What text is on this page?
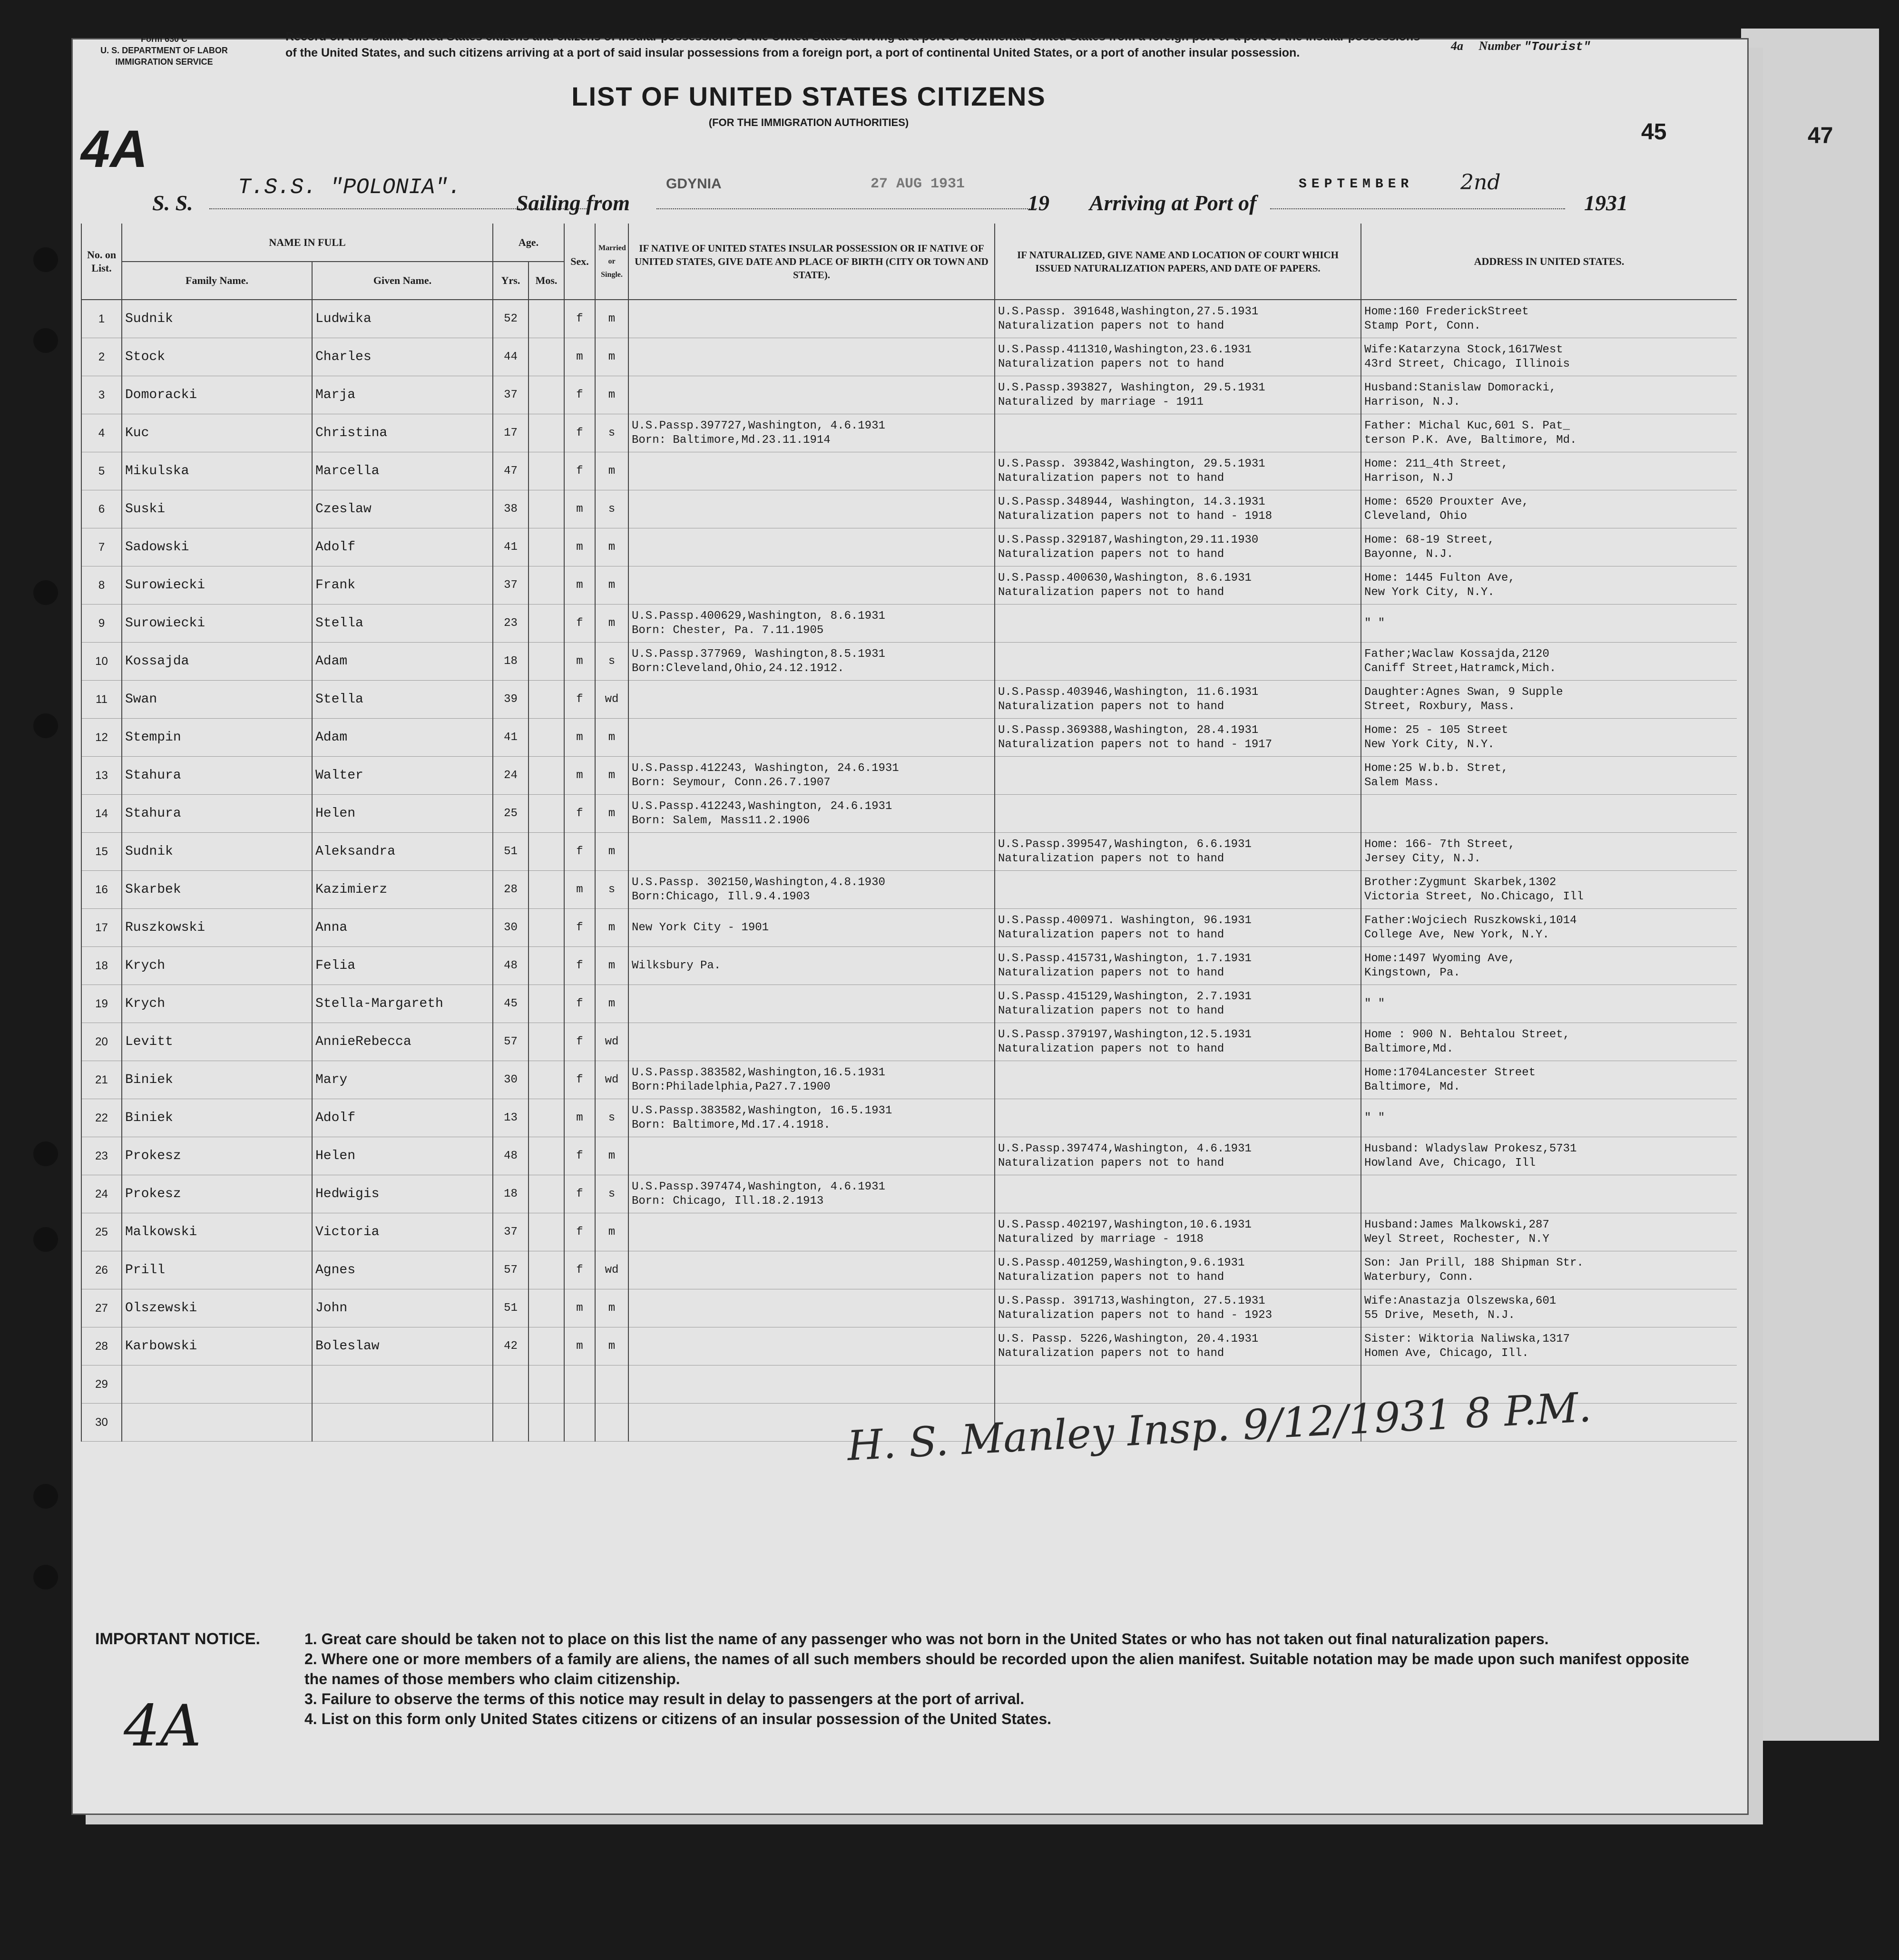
Form 630 C
U. S. DEPARTMENT OF LABOR
IMMIGRATION SERVICE
Record on this blank United States citizens and citizens of insular possessions of the United States arriving at a port of continental United States from a foreign port or a port of the insular possessions of the United States, and such citizens arriving at a port of said insular possessions from a foreign port, a port of continental United States, or a port of another insular possession.	4a Number "Tourist"
4A	45	47
LIST OF UNITED STATES CITIZENS
(FOR THE IMMIGRATION AUTHORITIES)
S. S.
T.S.S. "POLONIA".
Sailing from
GDYNIA	27 AUG 1931
19 Arriving at Port of
SEPTEMBER 2nd
1931
No. on List.	NAME IN FULL		Age.		Sex.	Married or Single.	IF NATIVE OF UNITED STATES INSULAR POSSESSION OR IF NATIVE OF UNITED STATES, GIVE DATE AND PLACE OF BIRTH (CITY OR TOWN AND STATE).	IF NATURALIZED, GIVE NAME AND LOCATION OF COURT WHICH ISSUED NATURALIZATION PAPERS, AND DATE OF PAPERS.	ADDRESS IN UNITED STATES.
	Family Name.	Given Name.	Yrs.	Mos.					
1	Sudnik	Ludwika	52		f	m		U.S.Passp. 391648,Washington,27.5.1931
Naturalization papers not to hand	Home:160 FrederickStreet
Stamp Port, Conn.

2	Stock	Charles	44		m	m		U.S.Passp.411310,Washington,23.6.1931
Naturalization papers not to hand	Wife:Katarzyna Stock,1617West
43rd Street, Chicago, Illinois

3	Domoracki	Marja	37		f	m		U.S.Passp.393827, Washington, 29.5.1931
Naturalized by marriage - 1911	Husband:Stanislaw Domoracki,
Harrison, N.J.

4	Kuc	Christina	17		f	s	U.S.Passp.397727,Washington, 4.6.1931
Born: Baltimore,Md.23.11.1914		Father: Michal Kuc,601 S. Pat_
terson P.K. Ave, Baltimore, Md.

5	Mikulska	Marcella	47		f	m		U.S.Passp. 393842,Washington, 29.5.1931
Naturalization papers not to hand	Home: 211_4th Street,
Harrison, N.J

6	Suski	Czeslaw	38		m	s		U.S.Passp.348944, Washington, 14.3.1931
Naturalization papers not to hand - 1918	Home: 6520 Prouxter Ave,
Cleveland, Ohio

7	Sadowski	Adolf	41		m	m		U.S.Passp.329187,Washington,29.11.1930
Naturalization papers not to hand	Home: 68-19 Street,
Bayonne, N.J.

8	Surowiecki	Frank	37		m	m		U.S.Passp.400630,Washington, 8.6.1931
Naturalization papers not to hand	Home: 1445 Fulton Ave,
New York City, N.Y.

9	Surowiecki	Stella	23		f	m	U.S.Passp.400629,Washington, 8.6.1931
Born: Chester, Pa. 7.11.1905		" "

10	Kossajda	Adam	18		m	s	U.S.Passp.377969, Washington,8.5.1931
Born:Cleveland,Ohio,24.12.1912.		Father;Waclaw Kossajda,2120
Caniff Street,Hatramck,Mich.

11	Swan	Stella	39		f	wd		U.S.Passp.403946,Washington, 11.6.1931
Naturalization papers not to hand	Daughter:Agnes Swan, 9 Supple
Street, Roxbury, Mass.

12	Stempin	Adam	41		m	m		U.S.Passp.369388,Washington, 28.4.1931
Naturalization papers not to hand - 1917	Home: 25 - 105 Street
New York City, N.Y.

13	Stahura	Walter	24		m	m	U.S.Passp.412243, Washington, 24.6.1931
Born: Seymour, Conn.26.7.1907		Home:25 W.b.b. Stret,
Salem Mass.

14	Stahura	Helen	25		f	m	U.S.Passp.412243,Washington, 24.6.1931
Born: Salem, Mass11.2.1906		

15	Sudnik	Aleksandra	51		f	m		U.S.Passp.399547,Washington, 6.6.1931
Naturalization papers not to hand	Home: 166- 7th Street,
Jersey City, N.J.

16	Skarbek	Kazimierz	28		m	s	U.S.Passp. 302150,Washington,4.8.1930
Born:Chicago, Ill.9.4.1903		Brother:Zygmunt Skarbek,1302
Victoria Street, No.Chicago, Ill

17	Ruszkowski	Anna	30		f	m	New York City - 1901	U.S.Passp.400971. Washington, 96.1931
Naturalization papers not to hand	Father:Wojciech Ruszkowski,1014
College Ave, New York, N.Y.

18	Krych	Felia	48		f	m	Wilksbury Pa.	U.S.Passp.415731,Washington, 1.7.1931
Naturalization papers not to hand	Home:1497 Wyoming Ave,
Kingstown, Pa.

19	Krych	Stella-Margareth	45		f	m		U.S.Passp.415129,Washington, 2.7.1931
Naturalization papers not to hand	" "

20	Levitt	AnnieRebecca	57		f	wd		U.S.Passp.379197,Washington,12.5.1931
Naturalization papers not to hand	Home : 900 N. Behtalou Street,
Baltimore,Md.

21	Biniek	Mary	30		f	wd	U.S.Passp.383582,Washington,16.5.1931
Born:Philadelphia,Pa27.7.1900		Home:1704Lancester Street
Baltimore, Md.

22	Biniek	Adolf	13		m	s	U.S.Passp.383582,Washington, 16.5.1931
Born: Baltimore,Md.17.4.1918.		" "

23	Prokesz	Helen	48		f	m		U.S.Passp.397474,Washington, 4.6.1931
Naturalization papers not to hand	Husband: Wladyslaw Prokesz,5731
Howland Ave, Chicago, Ill

24	Prokesz	Hedwigis	18		f	s	U.S.Passp.397474,Washington, 4.6.1931
Born: Chicago, Ill.18.2.1913		

25	Malkowski	Victoria	37		f	m		U.S.Passp.402197,Washington,10.6.1931
Naturalized by marriage - 1918	Husband:James Malkowski,287
Weyl Street, Rochester, N.Y

26	Prill	Agnes	57		f	wd		U.S.Passp.401259,Washington,9.6.1931
Naturalization papers not to hand	Son: Jan Prill, 188 Shipman Str.
Waterbury, Conn.

27	Olszewski	John	51		m	m		U.S.Passp. 391713,Washington, 27.5.1931
Naturalization papers not to hand - 1923	Wife:Anastazja Olszewska,601
55 Drive, Meseth, N.J.

28	Karbowski	Boleslaw	42		m	m		U.S. Passp. 5226,Washington, 20.4.1931
Naturalization papers not to hand	Sister: Wiktoria Naliwska,1317
Homen Ave, Chicago, Ill.

29							

30							

		H. S. Manley Insp. 9/12/1931 8 P.M.
IMPORTANT NOTICE.	1. Great care should be taken not to place on this list the name of any passenger who was not born in the United States or who has not taken out final naturalization papers.
2. Where one or more members of a family are aliens, the names of all such members should be recorded upon the alien manifest. Suitable notation may be made upon such manifest opposite the names of those members who claim citizenship.
3. Failure to observe the terms of this notice may result in delay to passengers at the port of arrival.
4. List on this form only United States citizens or citizens of an insular possession of the United States.
4A
